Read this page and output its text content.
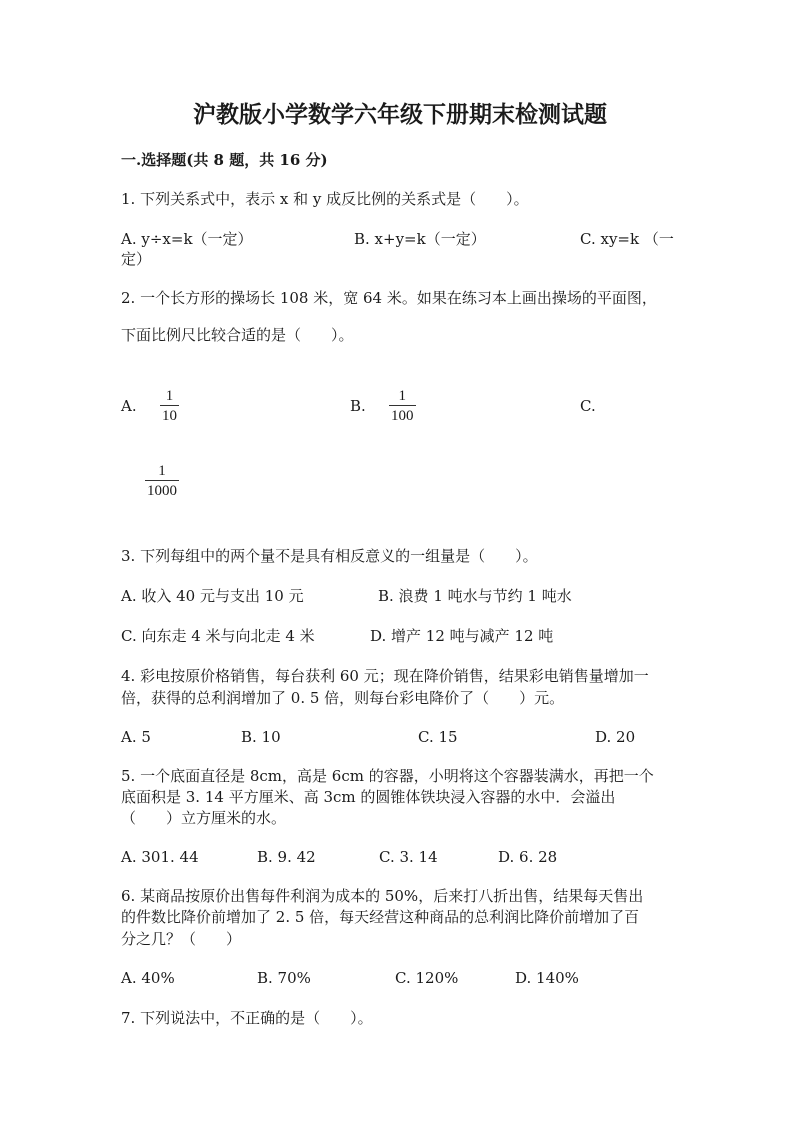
沪教版小学数学六年级下册期末检测试题
一.选择题(共 8 题，共 16 分)
1. 下列关系式中，表示 x 和 y 成反比例的关系式是（　　）。
A. y÷x=k（一定）	B. x+y=k（一定）	C. xy=k （一
定）
2. 一个长方形的操场长 108 米，宽 64 米。如果在练习本上画出操场的平面图，
下面比例尺比较合适的是（　　）。
A.
1
10
B.
1
100
C.
1
1000
3. 下列每组中的两个量不是具有相反意义的一组量是（　　）。
A. 收入 40 元与支出 10 元	B. 浪费 1 吨水与节约 1 吨水
C. 向东走 4 米与向北走 4 米	D. 增产 12 吨与减产 12 吨
4. 彩电按原价格销售，每台获利 60 元；现在降价销售，结果彩电销售量增加一
倍，获得的总利润增加了 0. 5 倍，则每台彩电降价了（　　）元。
A. 5	B. 10	C. 15	D. 20
5. 一个底面直径是 8cm，高是 6cm 的容器，小明将这个容器装满水，再把一个
底面积是 3. 14 平方厘米、高 3cm 的圆锥体铁块浸入容器的水中．会溢出
（　　）立方厘米的水。
A. 301. 44	B. 9. 42	C. 3. 14	D. 6. 28
6. 某商品按原价出售每件利润为成本的 50%，后来打八折出售，结果每天售出
的件数比降价前增加了 2. 5 倍，每天经营这种商品的总利润比降价前增加了百
分之几？（　　）
A. 40%	B. 70%	C. 120%	D. 140%
7. 下列说法中，不正确的是（　　）。
